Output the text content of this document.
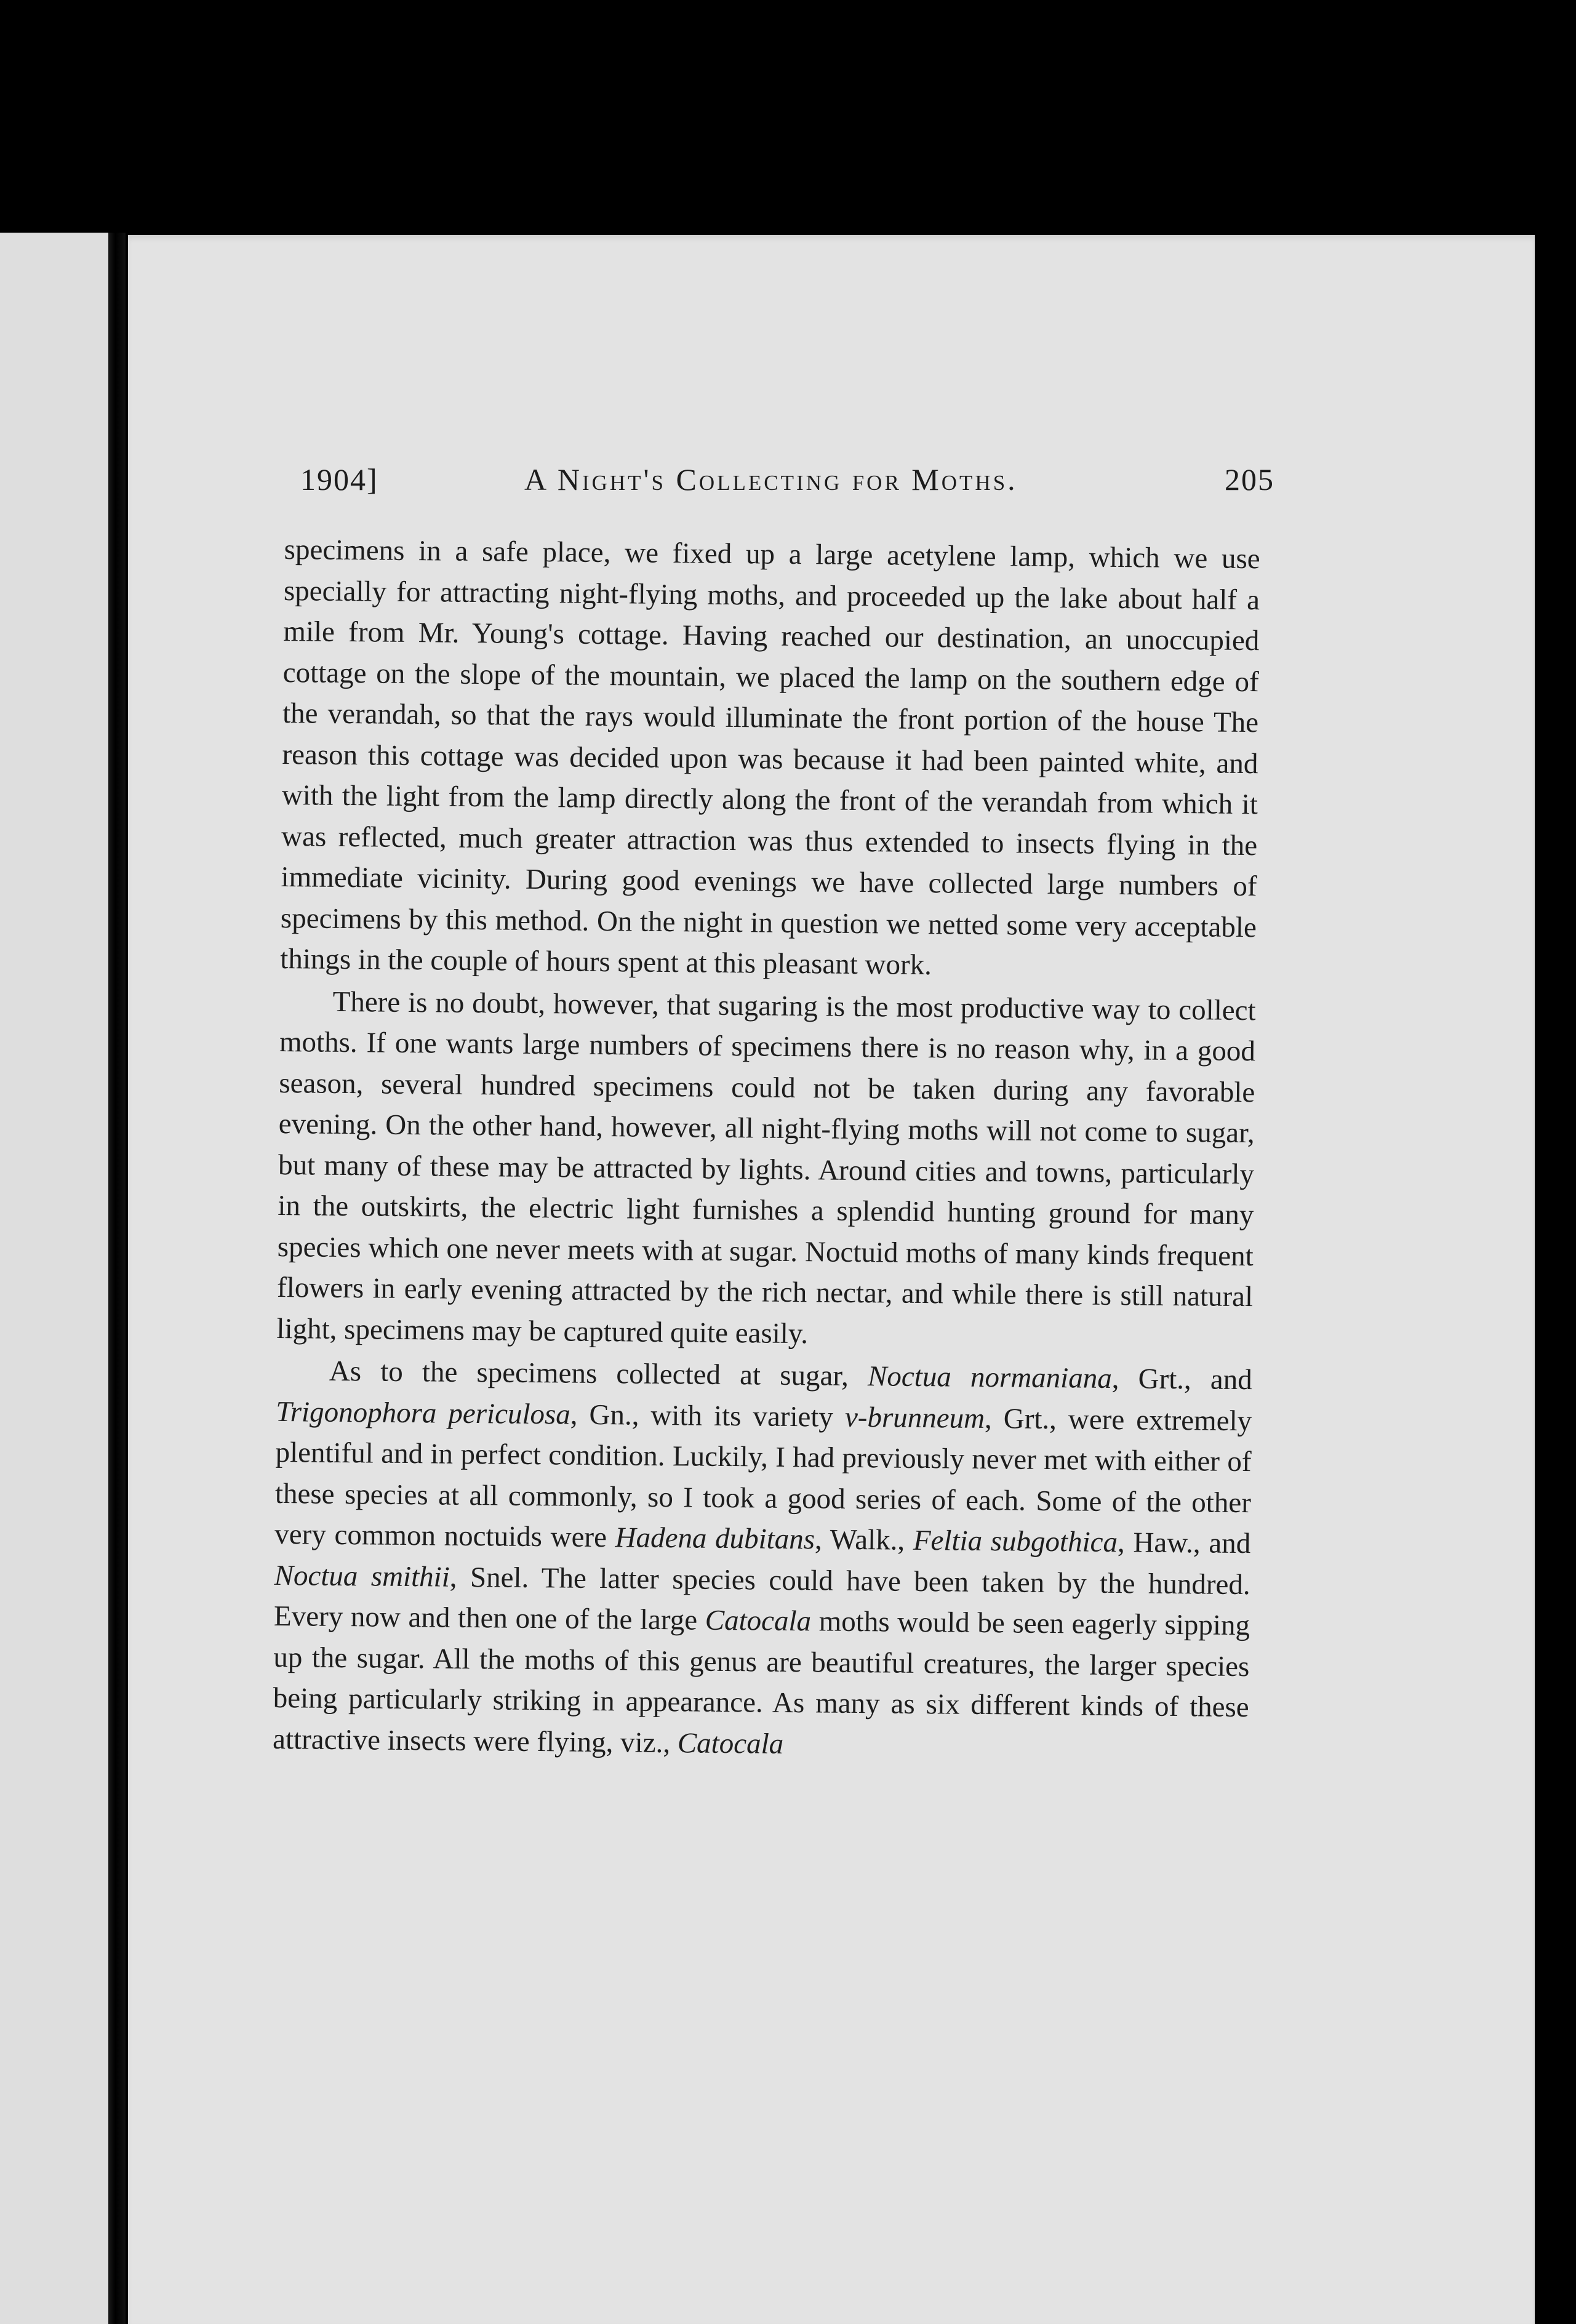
1904]	A Night's Collecting for Moths.	205

specimens in a safe place, we fixed up a large acetylene lamp, which we use specially for attracting night-flying moths, and proceeded up the lake about half a mile from Mr. Young's cottage. Having reached our destination, an unoccupied cottage on the slope of the mountain, we placed the lamp on the southern edge of the verandah, so that the rays would illuminate the front portion of the house The reason this cottage was decided upon was because it had been painted white, and with the light from the lamp directly along the front of the verandah from which it was reflected, much greater attraction was thus extended to insects flying in the immediate vicinity. During good evenings we have collected large numbers of specimens by this method. On the night in question we netted some very acceptable things in the couple of hours spent at this pleasant work.

There is no doubt, however, that sugaring is the most productive way to collect moths. If one wants large numbers of specimens there is no reason why, in a good season, several hundred specimens could not be taken during any favorable evening. On the other hand, however, all night-flying moths will not come to sugar, but many of these may be attracted by lights. Around cities and towns, particularly in the outskirts, the electric light furnishes a splendid hunting ground for many species which one never meets with at sugar. Noctuid moths of many kinds frequent flowers in early evening attracted by the rich nectar, and while there is still natural light, specimens may be captured quite easily.

As to the specimens collected at sugar, Noctua normaniana, Grt., and Trigonophora periculosa, Gn., with its variety v-brunneum, Grt., were extremely plentiful and in perfect condition. Luckily, I had previously never met with either of these species at all commonly, so I took a good series of each. Some of the other very common noctuids were Hadena dubitans, Walk., Feltia subgothica, Haw., and Noctua smithii, Snel. The latter species could have been taken by the hundred. Every now and then one of the large Catocala moths would be seen eagerly sipping up the sugar. All the moths of this genus are beautiful creatures, the larger species being particularly striking in appearance. As many as six different kinds of these attractive insects were flying, viz., Catocala
